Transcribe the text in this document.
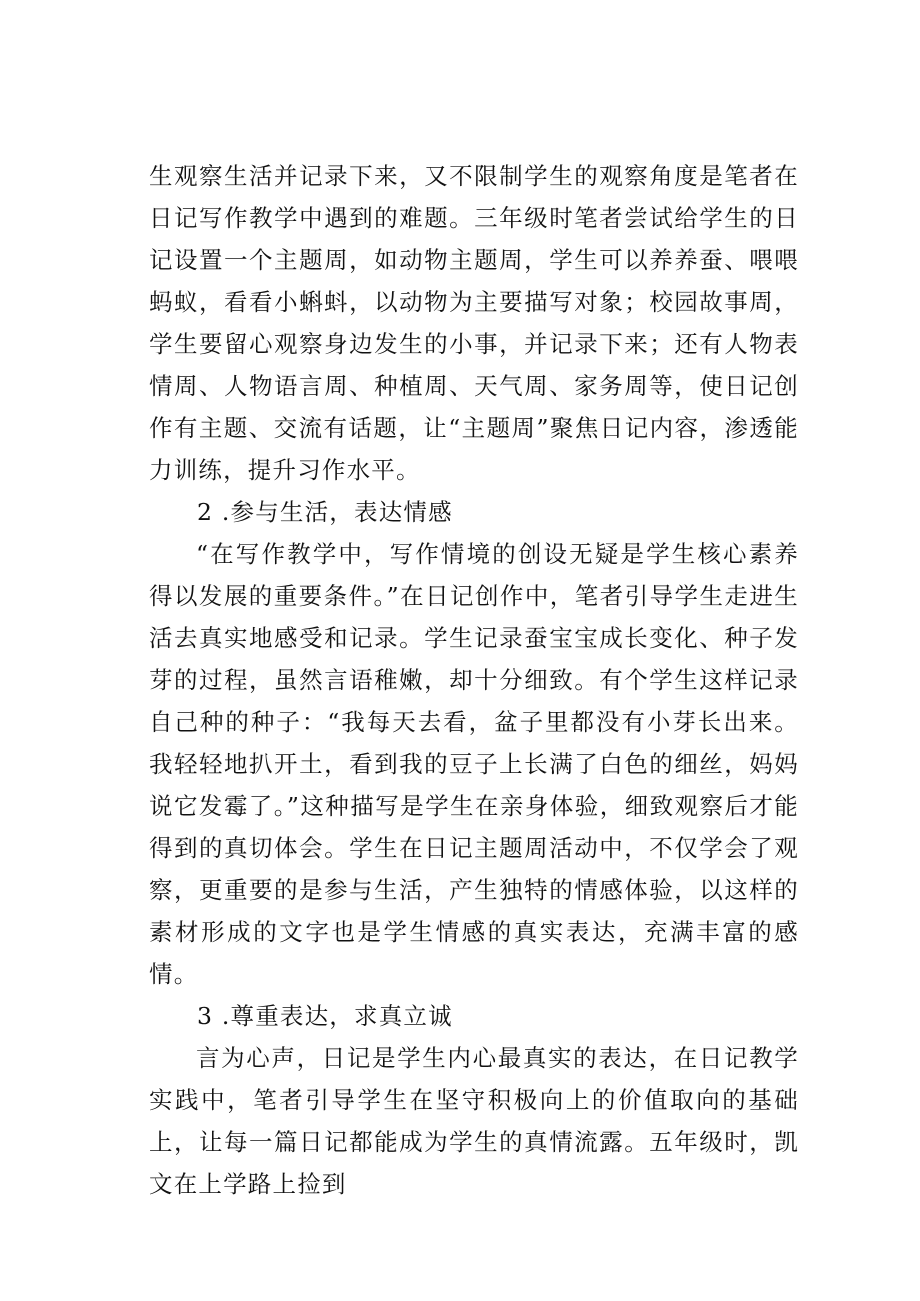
生观察生活并记录下来，又不限制学生的观察角度是笔者在日记写作教学中遇到的难题。三年级时笔者尝试给学生的日记设置一个主题周，如动物主题周，学生可以养养蚕、喂喂蚂蚁，看看小蝌蚪，以动物为主要描写对象；校园故事周，学生要留心观察身边发生的小事，并记录下来；还有人物表情周、人物语言周、种植周、天气周、家务周等，使日记创作有主题、交流有话题，让“主题周”聚焦日记内容，渗透能力训练，提升习作水平。

2 .参与生活，表达情感

“在写作教学中，写作情境的创设无疑是学生核心素养得以发展的重要条件。”在日记创作中，笔者引导学生走进生活去真实地感受和记录。学生记录蚕宝宝成长变化、种子发芽的过程，虽然言语稚嫩，却十分细致。有个学生这样记录自己种的种子：“我每天去看，盆子里都没有小芽长出来。我轻轻地扒开土，看到我的豆子上长满了白色的细丝，妈妈说它发霉了。”这种描写是学生在亲身体验，细致观察后才能得到的真切体会。学生在日记主题周活动中，不仅学会了观察，更重要的是参与生活，产生独特的情感体验，以这样的素材形成的文字也是学生情感的真实表达，充满丰富的感情。

3 .尊重表达，求真立诚

言为心声，日记是学生内心最真实的表达，在日记教学实践中，笔者引导学生在坚守积极向上的价值取向的基础上，让每一篇日记都能成为学生的真情流露。五年级时，凯文在上学路上捡到
